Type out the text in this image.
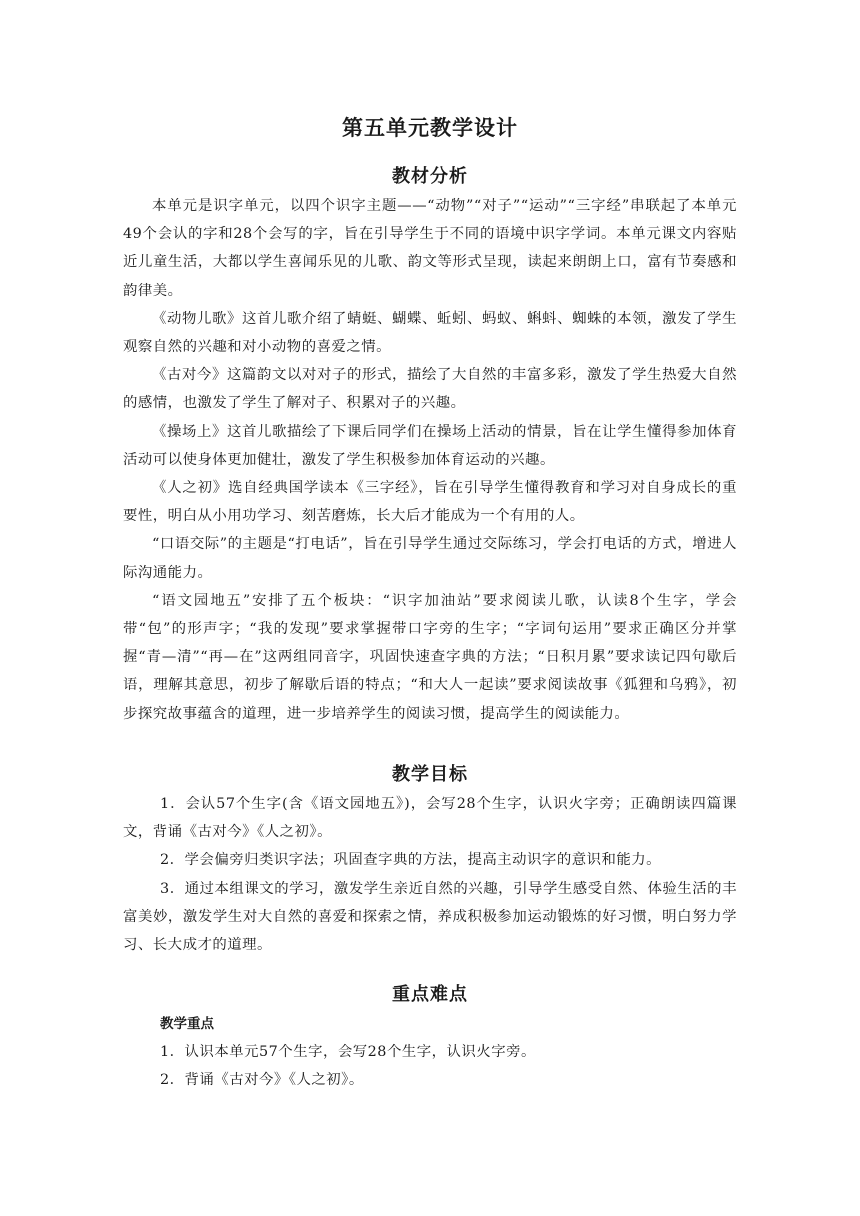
第五单元教学设计
教材分析

本单元是识字单元，以四个识字主题——“动物”“对子”“运动”“三字经”串联起了本单元49个会认的字和28个会写的字，旨在引导学生于不同的语境中识字学词。本单元课文内容贴近儿童生活，大都以学生喜闻乐见的儿歌、韵文等形式呈现，读起来朗朗上口，富有节奏感和韵律美。

《动物儿歌》这首儿歌介绍了蜻蜓、蝴蝶、蚯蚓、蚂蚁、蝌蚪、蜘蛛的本领，激发了学生观察自然的兴趣和对小动物的喜爱之情。

《古对今》这篇韵文以对对子的形式，描绘了大自然的丰富多彩，激发了学生热爱大自然的感情，也激发了学生了解对子、积累对子的兴趣。

《操场上》这首儿歌描绘了下课后同学们在操场上活动的情景，旨在让学生懂得参加体育活动可以使身体更加健壮，激发了学生积极参加体育运动的兴趣。

《人之初》选自经典国学读本《三字经》，旨在引导学生懂得教育和学习对自身成长的重要性，明白从小用功学习、刻苦磨炼，长大后才能成为一个有用的人。

“口语交际”的主题是“打电话”，旨在引导学生通过交际练习，学会打电话的方式，增进人际沟通能力。

“语文园地五”安排了五个板块：“识字加油站”要求阅读儿歌，认读8个生字，学会带“包”的形声字；“我的发现”要求掌握带口字旁的生字；“字词句运用”要求正确区分并掌握“青—清”“再—在”这两组同音字，巩固快速查字典的方法；“日积月累”要求读记四句歇后语，理解其意思，初步了解歇后语的特点；“和大人一起读”要求阅读故事《狐狸和乌鸦》，初步探究故事蕴含的道理，进一步培养学生的阅读习惯，提高学生的阅读能力。

教学目标

1．会认57个生字(含《语文园地五》)，会写28个生字，认识火字旁；正确朗读四篇课文，背诵《古对今》《人之初》。

2．学会偏旁归类识字法；巩固查字典的方法，提高主动识字的意识和能力。

3．通过本组课文的学习，激发学生亲近自然的兴趣，引导学生感受自然、体验生活的丰富美妙，激发学生对大自然的喜爱和探索之情，养成积极参加运动锻炼的好习惯，明白努力学习、长大成才的道理。

重点难点

教学重点

1．认识本单元57个生字，会写28个生字，认识火字旁。

2．背诵《古对今》《人之初》。
